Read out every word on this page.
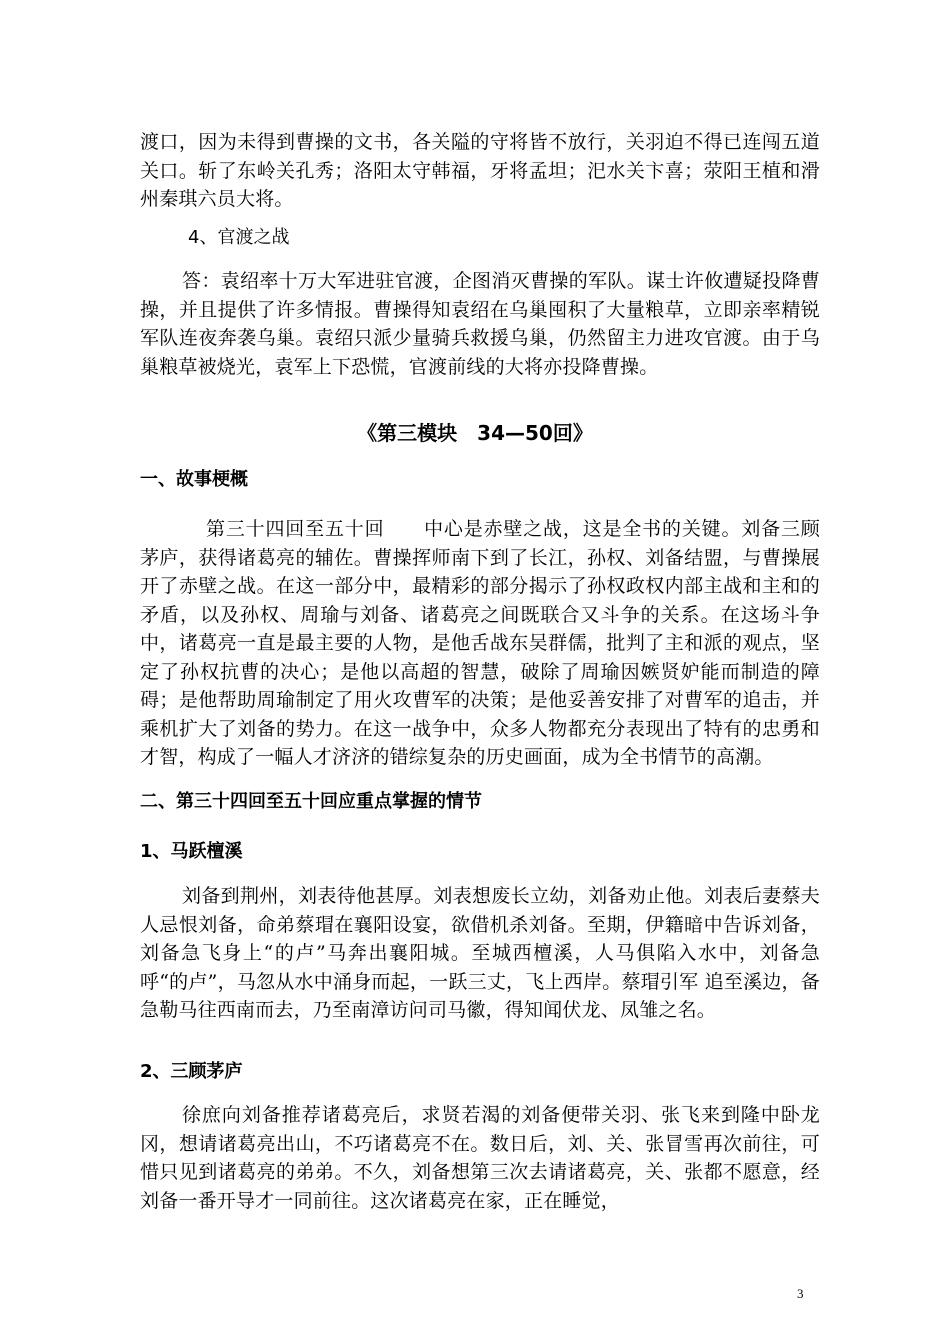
渡口，因为未得到曹操的文书，各关隘的守将皆不放行，关羽迫不得已连闯五道关口。斩了东岭关孔秀；洛阳太守韩福，牙将孟坦；汜水关卞喜；荥阳王植和滑州秦琪六员大将。
4、官渡之战
答：袁绍率十万大军进驻官渡，企图消灭曹操的军队。谋士许攸遭疑投降曹操，并且提供了许多情报。曹操得知袁绍在乌巢囤积了大量粮草，立即亲率精锐军队连夜奔袭乌巢。袁绍只派少量骑兵救援乌巢，仍然留主力进攻官渡。由于乌巢粮草被烧光，袁军上下恐慌，官渡前线的大将亦投降曹操。
《第三模块　34—50回》
一、故事梗概
第三十四回至五十回　　中心是赤壁之战，这是全书的关键。刘备三顾茅庐，获得诸葛亮的辅佐。曹操挥师南下到了长江，孙权、刘备结盟，与曹操展开了赤壁之战。在这一部分中，最精彩的部分揭示了孙权政权内部主战和主和的矛盾，以及孙权、周瑜与刘备、诸葛亮之间既联合又斗争的关系。在这场斗争中，诸葛亮一直是最主要的人物，是他舌战东吴群儒，批判了主和派的观点，坚定了孙权抗曹的决心；是他以高超的智慧，破除了周瑜因嫉贤妒能而制造的障碍；是他帮助周瑜制定了用火攻曹军的决策；是他妥善安排了对曹军的追击，并乘机扩大了刘备的势力。在这一战争中，众多人物都充分表现出了特有的忠勇和才智，构成了一幅人才济济的错综复杂的历史画面，成为全书情节的高潮。
二、第三十四回至五十回应重点掌握的情节
1、马跃檀溪
刘备到荆州，刘表待他甚厚。刘表想废长立幼，刘备劝止他。刘表后妻蔡夫人忌恨刘备，命弟蔡瑁在襄阳设宴，欲借机杀刘备。至期，伊籍暗中告诉刘备，刘备急飞身上“的卢”马奔出襄阳城。至城西檀溪，人马俱陷入水中，刘备急呼“的卢”，马忽从水中涌身而起，一跃三丈，飞上西岸。蔡瑁引军 追至溪边，备急勒马往西南而去，乃至南漳访问司马徽，得知闻伏龙、凤雏之名。
2、三顾茅庐
徐庶向刘备推荐诸葛亮后，求贤若渴的刘备便带关羽、张飞来到隆中卧龙冈，想请诸葛亮出山，不巧诸葛亮不在。数日后，刘、关、张冒雪再次前往，可惜只见到诸葛亮的弟弟。不久，刘备想第三次去请诸葛亮，关、张都不愿意，经刘备一番开导才一同前往。这次诸葛亮在家，正在睡觉，
3
